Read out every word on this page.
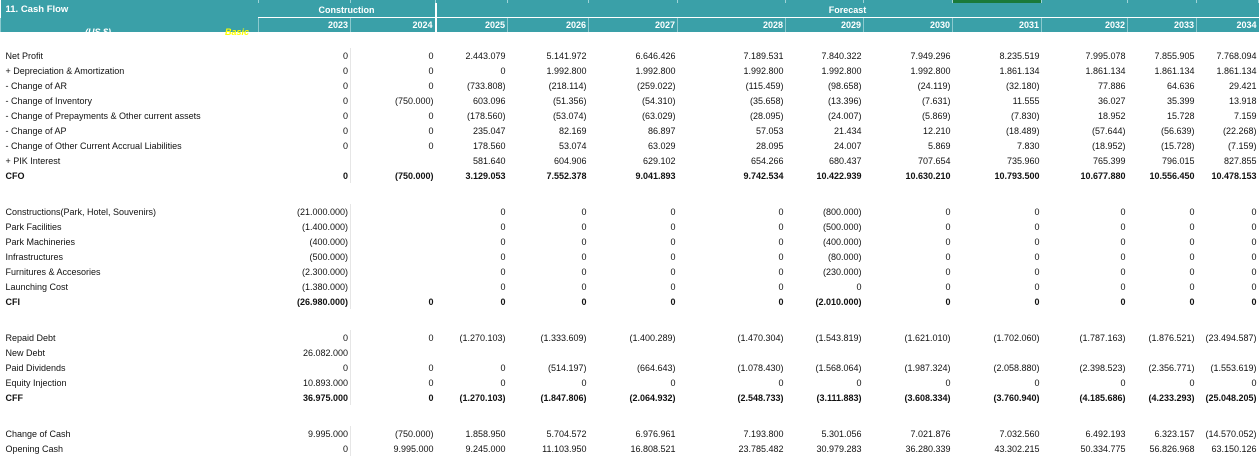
11. Cash Flow	Construction		Forecast									

(US $) Basic	2023	2024	2025	2026	2027	2028	2029	2030	2031	2032	2033	2034

Net Profit	0	0	2.443.079	5.141.972	6.646.426	7.189.531	7.840.322	7.949.296	8.235.519	7.995.078	7.855.905	7.768.094
+ Depreciation & Amortization	0	0	0	1.992.800	1.992.800	1.992.800	1.992.800	1.992.800	1.861.134	1.861.134	1.861.134	1.861.134
- Change of AR	0	0	(733.808)	(218.114)	(259.022)	(115.459)	(98.658)	(24.119)	(32.180)	77.886	64.636	29.421
- Change of Inventory	0	(750.000)	603.096	(51.356)	(54.310)	(35.658)	(13.396)	(7.631)	11.555	36.027	35.399	13.918
- Change of Prepayments & Other current assets	0	0	(178.560)	(53.074)	(63.029)	(28.095)	(24.007)	(5.869)	(7.830)	18.952	15.728	7.159
- Change of AP	0	0	235.047	82.169	86.897	57.053	21.434	12.210	(18.489)	(57.644)	(56.639)	(22.268)
- Change of Other Current Accrual Liabilities	0	0	178.560	53.074	63.029	28.095	24.007	5.869	7.830	(18.952)	(15.728)	(7.159)
+ PIK Interest			581.640	604.906	629.102	654.266	680.437	707.654	735.960	765.399	796.015	827.855
CFO	0	(750.000)	3.129.053	7.552.378	9.041.893	9.742.534	10.422.939	10.630.210	10.793.500	10.677.880	10.556.450	10.478.153

Constructions(Park, Hotel, Souvenirs)	(21.000.000)		0	0	0	0	(800.000)	0	0	0	0	0
Park Facilities	(1.400.000)		0	0	0	0	(500.000)	0	0	0	0	0
Park Machineries	(400.000)		0	0	0	0	(400.000)	0	0	0	0	0
Infrastructures	(500.000)		0	0	0	0	(80.000)	0	0	0	0	0
Furnitures & Accesories	(2.300.000)		0	0	0	0	(230.000)	0	0	0	0	0
Launching Cost	(1.380.000)		0	0	0	0	0	0	0	0	0	0
CFI	(26.980.000)	0	0	0	0	0	(2.010.000)	0	0	0	0	0

Repaid Debt	0	0	(1.270.103)	(1.333.609)	(1.400.289)	(1.470.304)	(1.543.819)	(1.621.010)	(1.702.060)	(1.787.163)	(1.876.521)	(23.494.587)
New Debt	26.082.000											
Paid Dividends	0	0	0	(514.197)	(664.643)	(1.078.430)	(1.568.064)	(1.987.324)	(2.058.880)	(2.398.523)	(2.356.771)	(1.553.619)
Equity Injection	10.893.000	0	0	0	0	0	0	0	0	0	0	0
CFF	36.975.000	0	(1.270.103)	(1.847.806)	(2.064.932)	(2.548.733)	(3.111.883)	(3.608.334)	(3.760.940)	(4.185.686)	(4.233.293)	(25.048.205)

Change of Cash	9.995.000	(750.000)	1.858.950	5.704.572	6.976.961	7.193.800	5.301.056	7.021.876	7.032.560	6.492.193	6.323.157	(14.570.052)
Opening Cash	0	9.995.000	9.245.000	11.103.950	16.808.521	23.785.482	30.979.283	36.280.339	43.302.215	50.334.775	56.826.968	63.150.126
